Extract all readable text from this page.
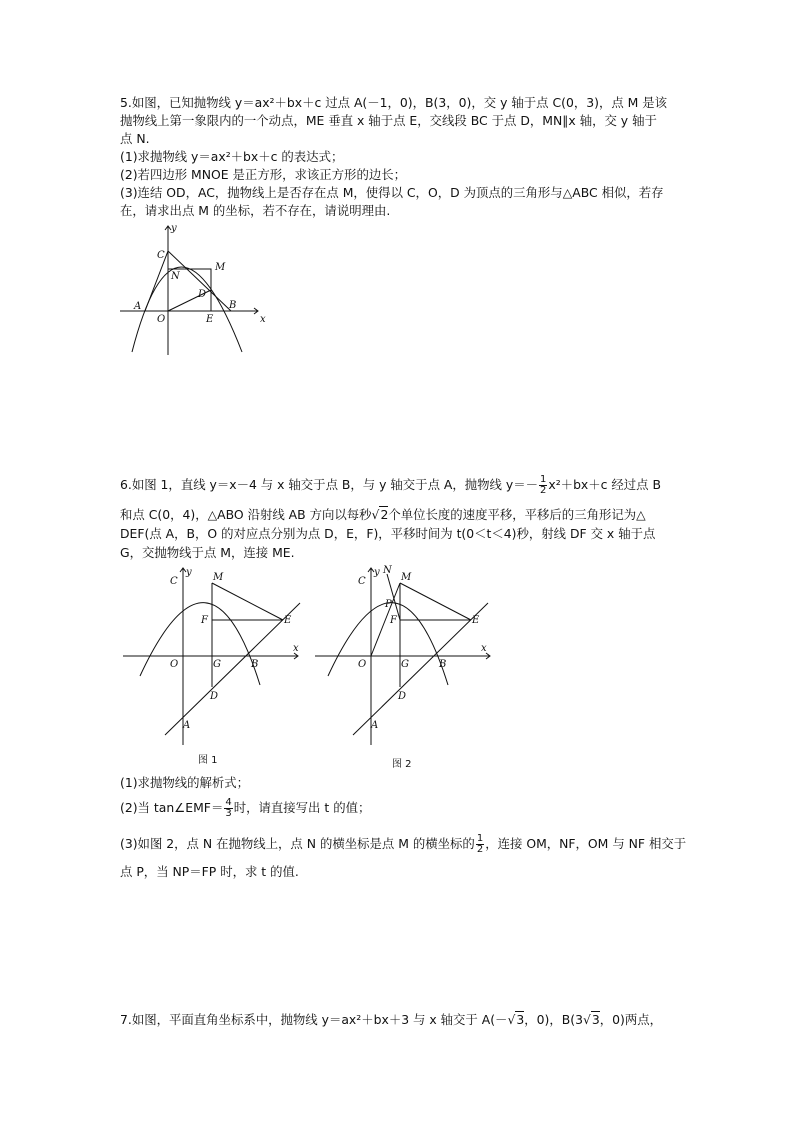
5.如图，已知抛物线 y＝ax²＋bx＋c 过点 A(－1，0)，B(3，0)，交 y 轴于点 C(0，3)，点 M 是该
抛物线上第一象限内的一个动点，ME 垂直 x 轴于点 E，交线段 BC 于点 D，MN∥x 轴，交 y 轴于
点 N.
(1)求抛物线 y＝ax²＋bx＋c 的表达式；
(2)若四边形 MNOE 是正方形，求该正方形的边长；
(3)连结 OD，AC，抛物线上是否存在点 M，使得以 C，O，D 为顶点的三角形与△ABC 相似，若存
在，请求出点 M 的坐标，若不存在，请说明理由.
y
x
C
N
M
D
A	B
O	E
6.如图 1，直线 y＝x－4 与 x 轴交于点 B，与 y 轴交于点 A，抛物线 $y=- \frac{1}{2} x^2+bx+c$ 经过点 B
和点 C(0，4)，△ABO 沿射线 AB 方向以每秒√2个单位长度的速度平移，平移后的三角形记为△
DEF(点 A，B，O 的对应点分别为点 D，E，F)，平移时间为 t(0＜t＜4)秒，射线 DF 交 x 轴于点
G，交抛物线于点 M，连接 ME.
y
x
C	M
F	E
O	G	B
D
A
图 1
y
x
C
N
M
P
F	E
O	G	B
D
A
图 2
(1)求抛物线的解析式；
(2)当 tan∠EMF＝ $\frac{4}{3}$ 时，请直接写出 t 的值；
(3)如图 2，点 N 在抛物线上，点 N 的横坐标是点 M 的横坐标的 $\frac{1}{2}$ ，连接 OM，NF，OM 与 NF 相交于
点 P，当 NP＝FP 时，求 t 的值.
7.如图，平面直角坐标系中，抛物线 y＝ax²＋bx＋3 与 x 轴交于 A(－√3，0)，B(3√3，0)两点，
